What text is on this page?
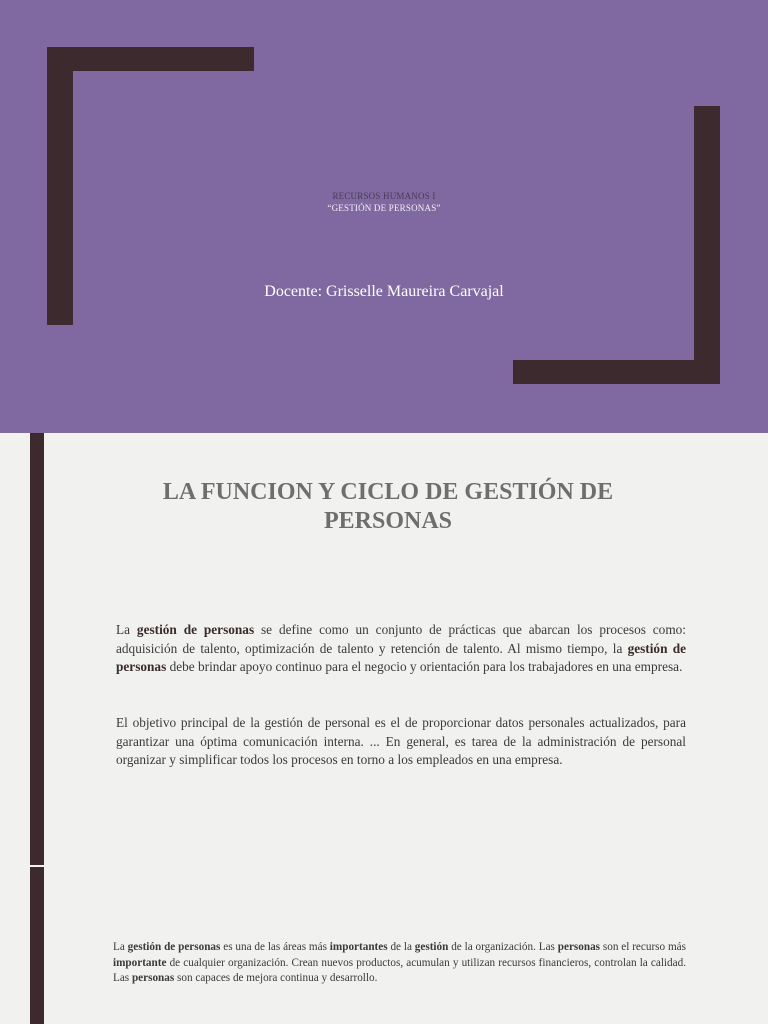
RECURSOS HUMANOS I
“GESTIÓN DE PERSONAS”
Docente: Grisselle Maureira Carvajal
LA FUNCION Y CICLO DE GESTIÓN DE
PERSONAS
La gestión de personas se define como un conjunto de prácticas que abarcan los procesos como: adquisición de talento, optimización de talento y retención de talento. Al mismo tiempo, la gestión de personas debe brindar apoyo continuo para el negocio y orientación para los trabajadores en una empresa.
El objetivo principal de la gestión de personal es el de proporcionar datos personales actualizados, para garantizar una óptima comunicación interna. ... En general, es tarea de la administración de personal organizar y simplificar todos los procesos en torno a los empleados en una empresa.
La gestión de personas es una de las áreas más importantes de la gestión de la organización. Las personas son el recurso más importante de cualquier organización. Crean nuevos productos, acumulan y utilizan recursos financieros, controlan la calidad. Las personas son capaces de mejora continua y desarrollo.
